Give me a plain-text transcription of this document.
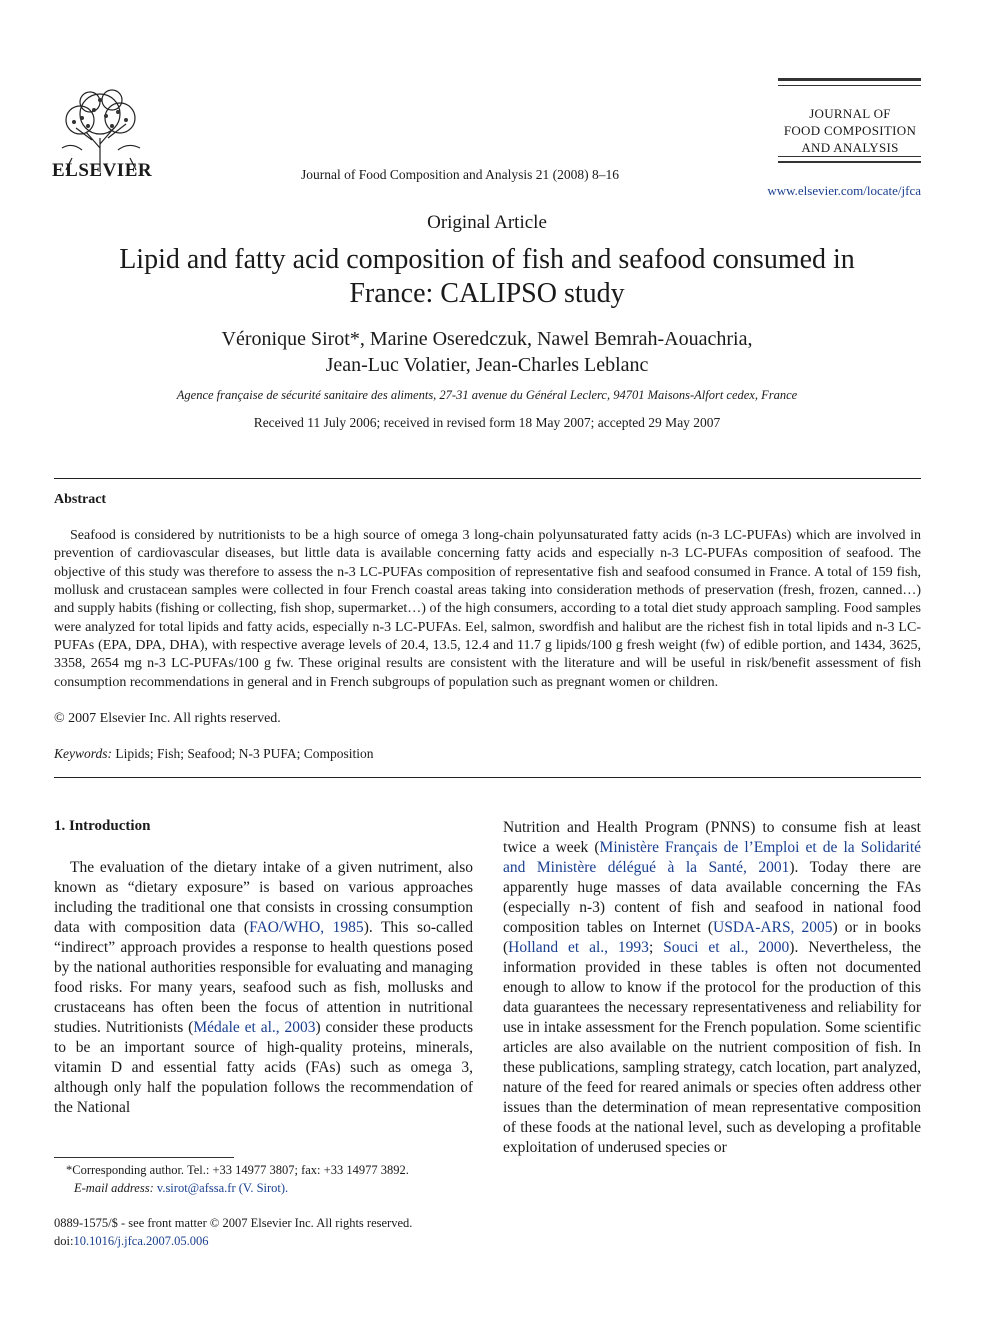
ELSEVIER	Journal of Food Composition and Analysis 21 (2008) 8–16
JOURNAL OF
FOOD COMPOSITION
AND ANALYSIS
www.elsevier.com/locate/jfca
Original Article
Lipid and fatty acid composition of fish and seafood consumed in
France: CALIPSO study
Véronique Sirot*, Marine Oseredczuk, Nawel Bemrah-Aouachria,
Jean-Luc Volatier, Jean-Charles Leblanc
Agence française de sécurité sanitaire des aliments, 27-31 avenue du Général Leclerc, 94701 Maisons-Alfort cedex, France
Received 11 July 2006; received in revised form 18 May 2007; accepted 29 May 2007
Abstract
Seafood is considered by nutritionists to be a high source of omega 3 long-chain polyunsaturated fatty acids (n-3 LC-PUFAs) which are involved in prevention of cardiovascular diseases, but little data is available concerning fatty acids and especially n-3 LC-PUFAs composition of seafood. The objective of this study was therefore to assess the n-3 LC-PUFAs composition of representative fish and seafood consumed in France. A total of 159 fish, mollusk and crustacean samples were collected in four French coastal areas taking into consideration methods of preservation (fresh, frozen, canned…) and supply habits (fishing or collecting, fish shop, supermarket…) of the high consumers, according to a total diet study approach sampling. Food samples were analyzed for total lipids and fatty acids, especially n-3 LC-PUFAs. Eel, salmon, swordfish and halibut are the richest fish in total lipids and n-3 LC-PUFAs (EPA, DPA, DHA), with respective average levels of 20.4, 13.5, 12.4 and 11.7 g lipids/100 g fresh weight (fw) of edible portion, and 1434, 3625, 3358, 2654 mg n-3 LC-PUFAs/100 g fw. These original results are consistent with the literature and will be useful in risk/benefit assessment of fish consumption recommendations in general and in French subgroups of population such as pregnant women or children.
© 2007 Elsevier Inc. All rights reserved.
Keywords: Lipids; Fish; Seafood; N-3 PUFA; Composition
1. Introduction
The evaluation of the dietary intake of a given nutriment, also known as “dietary exposure” is based on various approaches including the traditional one that consists in crossing consumption data with composition data (FAO/WHO, 1985). This so-called “indirect” approach provides a response to health questions posed by the national authorities responsible for evaluating and managing food risks. For many years, seafood such as fish, mollusks and crustaceans has often been the focus of attention in nutritional studies. Nutritionists (Médale et al., 2003) consider these products to be an important source of high-quality proteins, minerals, vitamin D and essential fatty acids (FAs) such as omega 3, although only half the population follows the recommendation of the National
Nutrition and Health Program (PNNS) to consume fish at least twice a week (Ministère Français de l’Emploi et de la Solidarité and Ministère délégué à la Santé, 2001). Today there are apparently huge masses of data available concerning the FAs (especially n-3) content of fish and seafood in national food composition tables on Internet (USDA-ARS, 2005) or in books (Holland et al., 1993; Souci et al., 2000). Nevertheless, the information provided in these tables is often not documented enough to allow to know if the protocol for the production of this data guarantees the necessary representativeness and reliability for use in intake assessment for the French population. Some scientific articles are also available on the nutrient composition of fish. In these publications, sampling strategy, catch location, part analyzed, nature of the feed for reared animals or species often address other issues than the determination of mean representative composition of these foods at the national level, such as developing a profitable exploitation of underused species or
*Corresponding author. Tel.: +33 14977 3807; fax: +33 14977 3892.
E-mail address: v.sirot@afssa.fr (V. Sirot).
0889-1575/$ - see front matter © 2007 Elsevier Inc. All rights reserved.
doi:10.1016/j.jfca.2007.05.006
